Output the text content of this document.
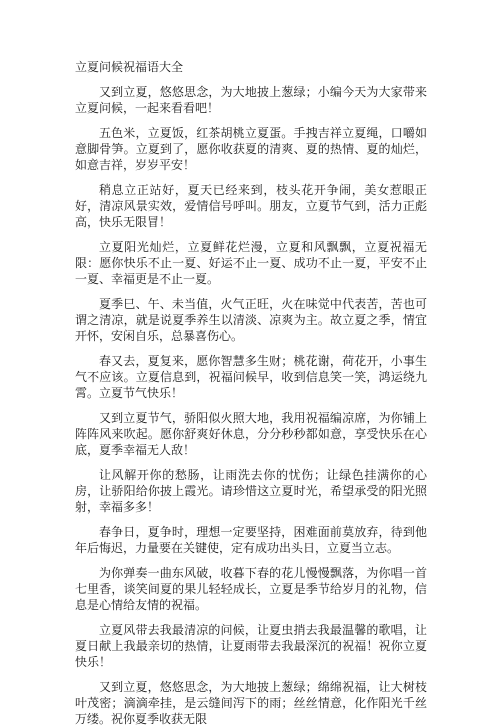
立夏问候祝福语大全

又到立夏，悠悠思念，为大地披上葱绿；小编今天为大家带来立夏问候，一起来看看吧！

五色米，立夏饭，红茶胡桃立夏蛋。手拽吉祥立夏绳，口嚼如意脚骨笋。立夏到了，愿你收获夏的清爽、夏的热情、夏的灿烂，如意吉祥，岁岁平安！

稍息立正站好，夏天已经来到，枝头花开争闹，美女惹眼正好，清凉风景实效，爱情信号呼叫。朋友，立夏节气到，活力正彪高，快乐无限冒！

立夏阳光灿烂，立夏鲜花烂漫，立夏和风飘飘，立夏祝福无限：愿你快乐不止一夏、好运不止一夏、成功不止一夏，平安不止一夏、幸福更是不止一夏。

夏季巳、午、未当值，火气正旺，火在味觉中代表苦，苦也可谓之清凉，就是说夏季养生以清淡、凉爽为主。故立夏之季，情宜开怀，安闲自乐，总暴喜伤心。

春又去，夏复来，愿你智慧多生财；桃花谢，荷花开，小事生气不应该。立夏信息到，祝福问候早，收到信息笑一笑，鸿运绕九霄。立夏节气快乐！

又到立夏节气，骄阳似火照大地，我用祝福编凉席，为你铺上阵阵风来吹起。愿你舒爽好休息，分分秒秒都如意，享受快乐在心底，夏季幸福无人敌！

让风解开你的愁肠，让雨洗去你的忧伤；让绿色挂满你的心房，让骄阳给你披上霞光。请珍惜这立夏时光，希望承受的阳光照射，幸福多多！

春争日，夏争时，理想一定要坚持，困难面前莫放弃，待到他年后悔迟，力量要在关键使，定有成功出头日，立夏当立志。

为你弹奏一曲东风破，收暮下春的花儿慢慢飘落，为你唱一首七里香，谈笑间夏的果儿轻轻成长，立夏是季节给岁月的礼物，信息是心情给友情的祝福。

立夏风带去我最清凉的问候，让夏虫捎去我最温馨的歌唱，让夏日献上我最亲切的热情，让夏雨带去我最深沉的祝福！祝你立夏快乐！

又到立夏，悠悠思念，为大地披上葱绿；绵绵祝福，让大树枝叶茂密；滴滴牵挂，是云缝间泻下的雨；丝丝情意，化作阳光千丝万缕。祝你夏季收获无限
